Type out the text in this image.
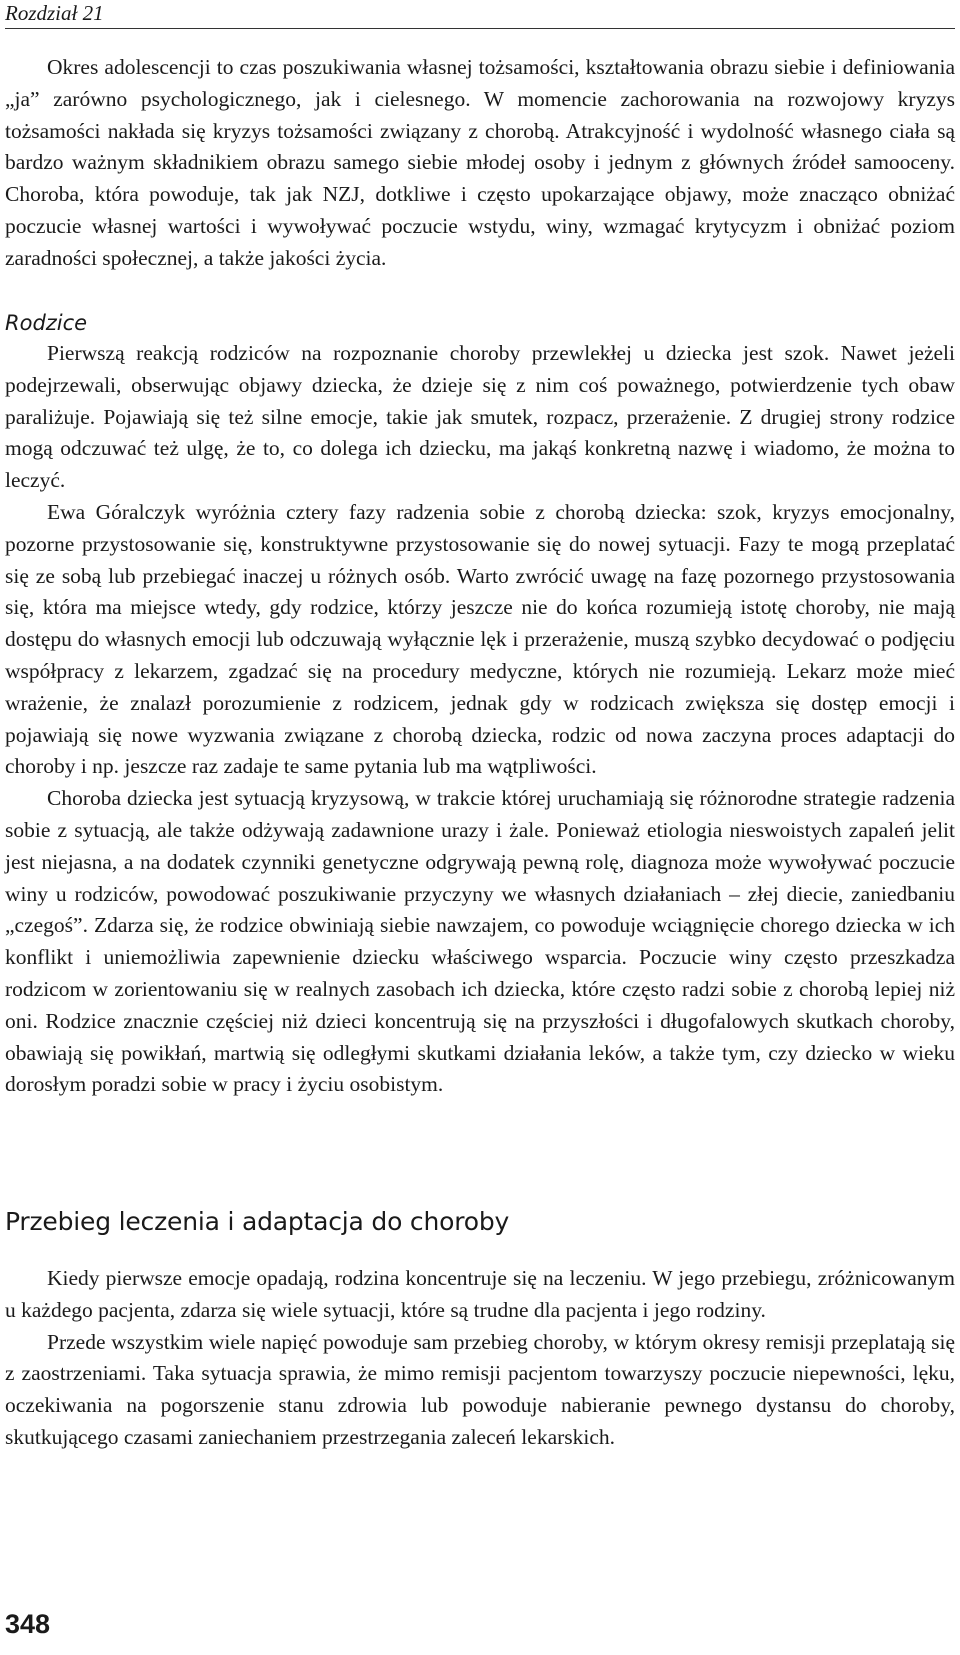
Rozdział 21

Okres adolescencji to czas poszukiwania własnej tożsamości, kształtowania obrazu siebie i definiowania „ja” zarówno psychologicznego, jak i cielesnego. W momencie zachorowania na rozwojowy kryzys tożsamości nakłada się kryzys tożsamości związany z chorobą. Atrakcyjność i wydolność własnego ciała są bardzo ważnym składnikiem obrazu samego siebie młodej osoby i jednym z głównych źródeł samooceny. Choroba, która powoduje, tak jak NZJ, dotkliwe i często upokarzające objawy, może znacząco obniżać poczucie własnej wartości i wywoływać poczucie wstydu, winy, wzmagać krytycyzm i obniżać poziom zaradności społecznej, a także jakości życia.

Rodzice

Pierwszą reakcją rodziców na rozpoznanie choroby przewlekłej u dziecka jest szok. Nawet jeżeli podejrzewali, obserwując objawy dziecka, że dzieje się z nim coś poważnego, potwierdzenie tych obaw paraliżuje. Pojawiają się też silne emocje, takie jak smutek, rozpacz, przerażenie. Z drugiej strony rodzice mogą odczuwać też ulgę, że to, co dolega ich dziecku, ma jakąś konkretną nazwę i wiadomo, że można to leczyć.

Ewa Góralczyk wyróżnia cztery fazy radzenia sobie z chorobą dziecka: szok, kryzys emocjonalny, pozorne przystosowanie się, konstruktywne przystosowanie się do nowej sytuacji. Fazy te mogą przeplatać się ze sobą lub przebiegać inaczej u różnych osób. Warto zwrócić uwagę na fazę pozornego przystosowania się, która ma miejsce wtedy, gdy rodzice, którzy jeszcze nie do końca rozumieją istotę choroby, nie mają dostępu do własnych emocji lub odczuwają wyłącznie lęk i przerażenie, muszą szybko decydować o podjęciu współpracy z lekarzem, zgadzać się na procedury medyczne, których nie rozumieją. Lekarz może mieć wrażenie, że znalazł porozumienie z rodzicem, jednak gdy w rodzicach zwiększa się dostęp emocji i pojawiają się nowe wyzwania związane z chorobą dziecka, rodzic od nowa zaczyna proces adaptacji do choroby i np. jeszcze raz zadaje te same pytania lub ma wątpliwości.

Choroba dziecka jest sytuacją kryzysową, w trakcie której uruchamiają się różnorodne strategie radzenia sobie z sytuacją, ale także odżywają zadawnione urazy i żale. Ponieważ etiologia nieswoistych zapaleń jelit jest niejasna, a na dodatek czynniki genetyczne odgrywają pewną rolę, diagnoza może wywoływać poczucie winy u rodziców, powodować poszukiwanie przyczyny we własnych działaniach – złej diecie, zaniedbaniu „czegoś”. Zdarza się, że rodzice obwiniają siebie nawzajem, co powoduje wciągnięcie chorego dziecka w ich konflikt i uniemożliwia zapewnienie dziecku właściwego wsparcia. Poczucie winy często przeszkadza rodzicom w zorientowaniu się w realnych zasobach ich dziecka, które często radzi sobie z chorobą lepiej niż oni. Rodzice znacznie częściej niż dzieci koncentrują się na przyszłości i długofalowych skutkach choroby, obawiają się powikłań, martwią się odległymi skutkami działania leków, a także tym, czy dziecko w wieku dorosłym poradzi sobie w pracy i życiu osobistym.

Przebieg leczenia i adaptacja do choroby

Kiedy pierwsze emocje opadają, rodzina koncentruje się na leczeniu. W jego przebiegu, zróżnicowanym u każdego pacjenta, zdarza się wiele sytuacji, które są trudne dla pacjenta i jego rodziny.

Przede wszystkim wiele napięć powoduje sam przebieg choroby, w którym okresy remisji przeplatają się z zaostrzeniami. Taka sytuacja sprawia, że mimo remisji pacjentom towarzyszy poczucie niepewności, lęku, oczekiwania na pogorszenie stanu zdrowia lub powoduje nabieranie pewnego dystansu do choroby, skutkującego czasami zaniechaniem przestrzegania zaleceń lekarskich.

348
